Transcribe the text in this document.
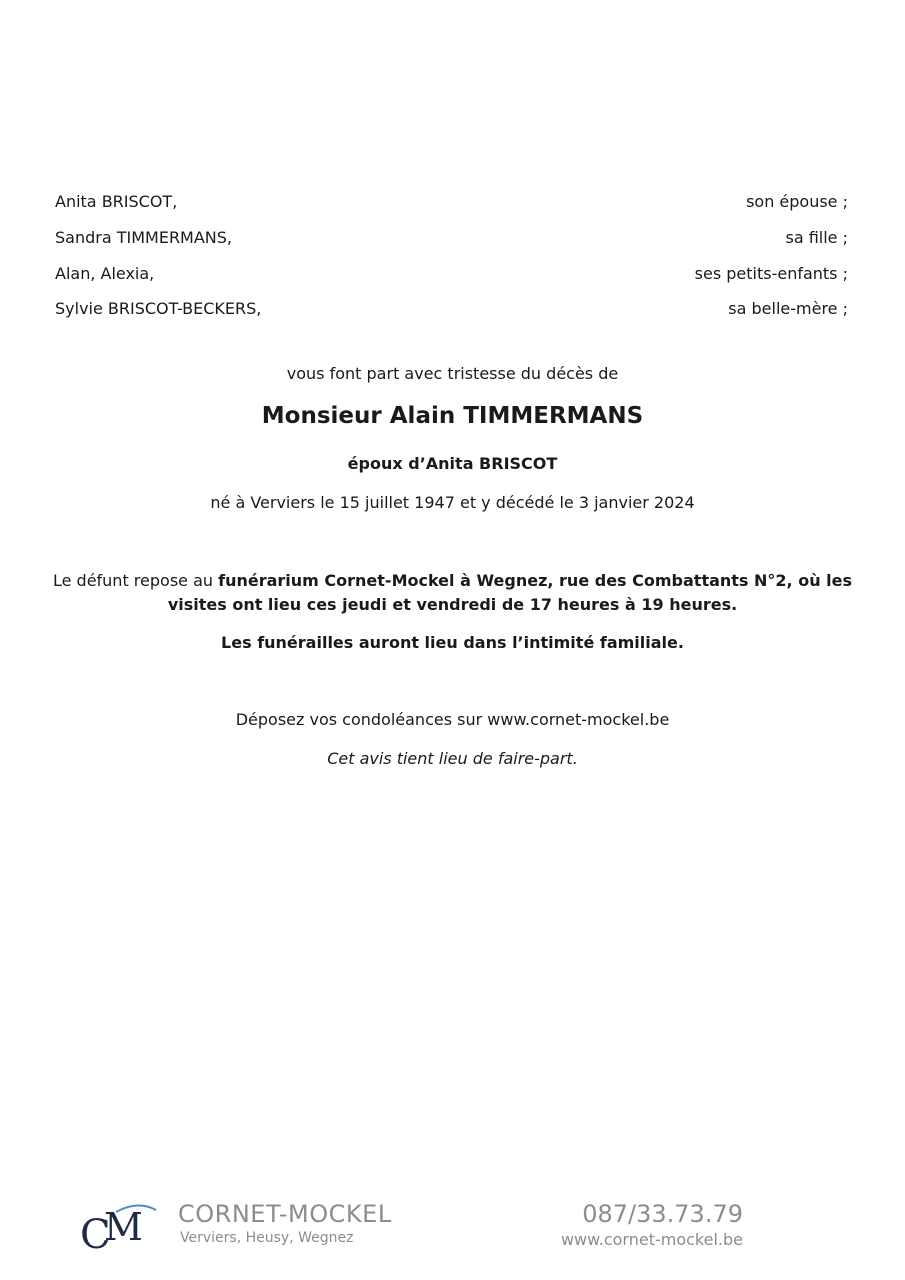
Anita BRISCOT,	son épouse ;
Sandra TIMMERMANS,	sa fille ;
Alan, Alexia,	ses petits-enfants ;
Sylvie BRISCOT-BECKERS,	sa belle-mère ;
vous font part avec tristesse du décès de
Monsieur Alain TIMMERMANS
époux d’Anita BRISCOT
né à Verviers le 15 juillet 1947 et y décédé le 3 janvier 2024
Le défunt repose au funérarium Cornet-Mockel à Wegnez, rue des Combattants N°2, où les visites ont lieu ces jeudi et vendredi de 17 heures à 19 heures.
Les funérailles auront lieu dans l’intimité familiale.
Déposez vos condoléances sur www.cornet-mockel.be
Cet avis tient lieu de faire-part.
C
M CORNET-MOCKEL
Verviers, Heusy, Wegnez
087/33.73.79
www.cornet-mockel.be
